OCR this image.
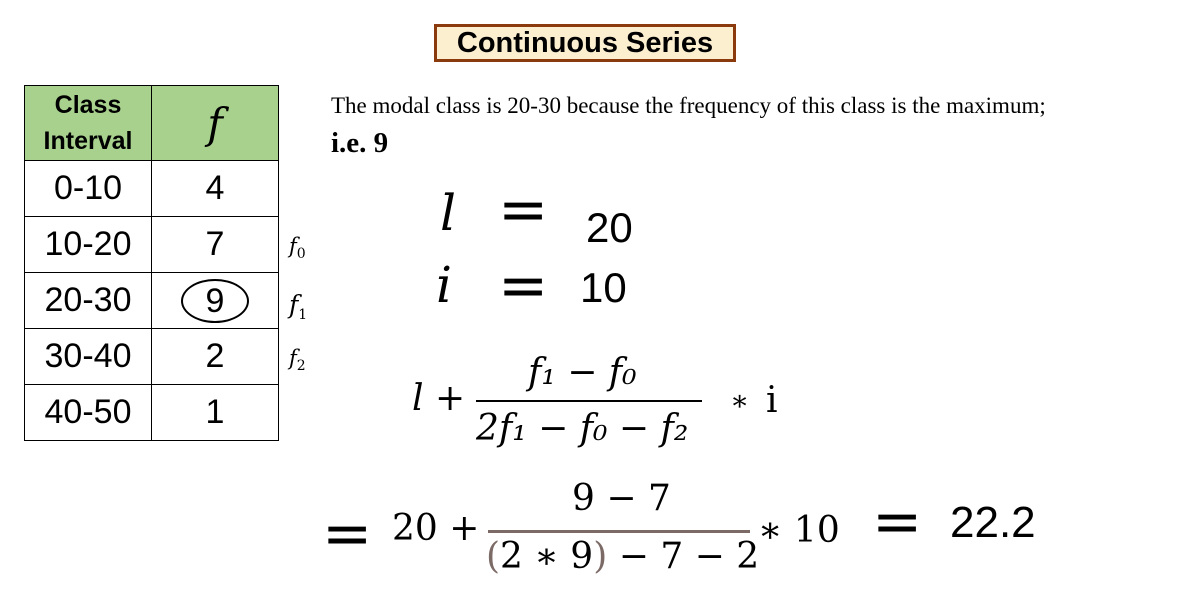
Continuous Series
Class
Interval	f
0-10	4
10-20	7
20-30	9
30-40	2
40-50	1
$f_0$
$f_1$
$f_2$
The modal class is 20-30 because the frequency of this class is the maximum;
i.e. 9
l = 20
i = 10
l +
f₁ − f₀
2f₁ − f₀ − f₂
∗ i
= 20 +
9 − 7
(2 ∗ 9) − 7 − 2
∗ 10 = 22.2
